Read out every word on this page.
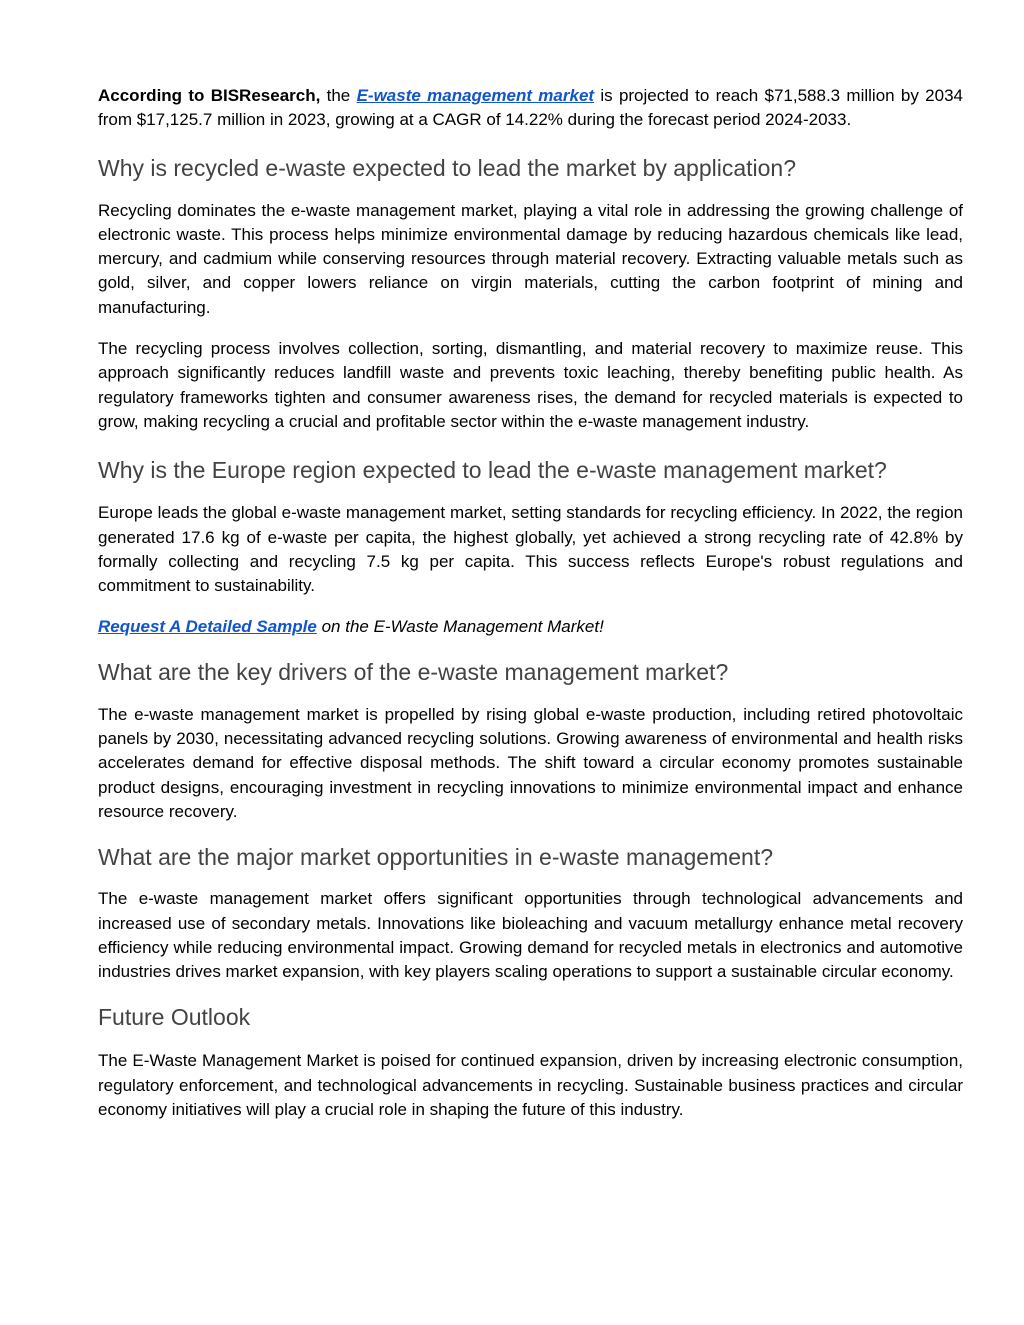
According to BISResearch, the E-waste management market is projected to reach $71,588.3 million by 2034 from $17,125.7 million in 2023, growing at a CAGR of 14.22% during the forecast period 2024-2033.

Why is recycled e-waste expected to lead the market by application?

Recycling dominates the e-waste management market, playing a vital role in addressing the growing challenge of electronic waste. This process helps minimize environmental damage by reducing hazardous chemicals like lead, mercury, and cadmium while conserving resources through material recovery. Extracting valuable metals such as gold, silver, and copper lowers reliance on virgin materials, cutting the carbon footprint of mining and manufacturing.

The recycling process involves collection, sorting, dismantling, and material recovery to maximize reuse. This approach significantly reduces landfill waste and prevents toxic leaching, thereby benefiting public health. As regulatory frameworks tighten and consumer awareness rises, the demand for recycled materials is expected to grow, making recycling a crucial and profitable sector within the e-waste management industry.

Why is the Europe region expected to lead the e-waste management market?

Europe leads the global e-waste management market, setting standards for recycling efficiency. In 2022, the region generated 17.6 kg of e-waste per capita, the highest globally, yet achieved a strong recycling rate of 42.8% by formally collecting and recycling 7.5 kg per capita. This success reflects Europe's robust regulations and commitment to sustainability.

Request A Detailed Sample on the E-Waste Management Market!

What are the key drivers of the e-waste management market?

The e-waste management market is propelled by rising global e-waste production, including retired photovoltaic panels by 2030, necessitating advanced recycling solutions. Growing awareness of environmental and health risks accelerates demand for effective disposal methods. The shift toward a circular economy promotes sustainable product designs, encouraging investment in recycling innovations to minimize environmental impact and enhance resource recovery.

What are the major market opportunities in e-waste management?

The e-waste management market offers significant opportunities through technological advancements and increased use of secondary metals. Innovations like bioleaching and vacuum metallurgy enhance metal recovery efficiency while reducing environmental impact. Growing demand for recycled metals in electronics and automotive industries drives market expansion, with key players scaling operations to support a sustainable circular economy.

Future Outlook

The E-Waste Management Market is poised for continued expansion, driven by increasing electronic consumption, regulatory enforcement, and technological advancements in recycling. Sustainable business practices and circular economy initiatives will play a crucial role in shaping the future of this industry.
